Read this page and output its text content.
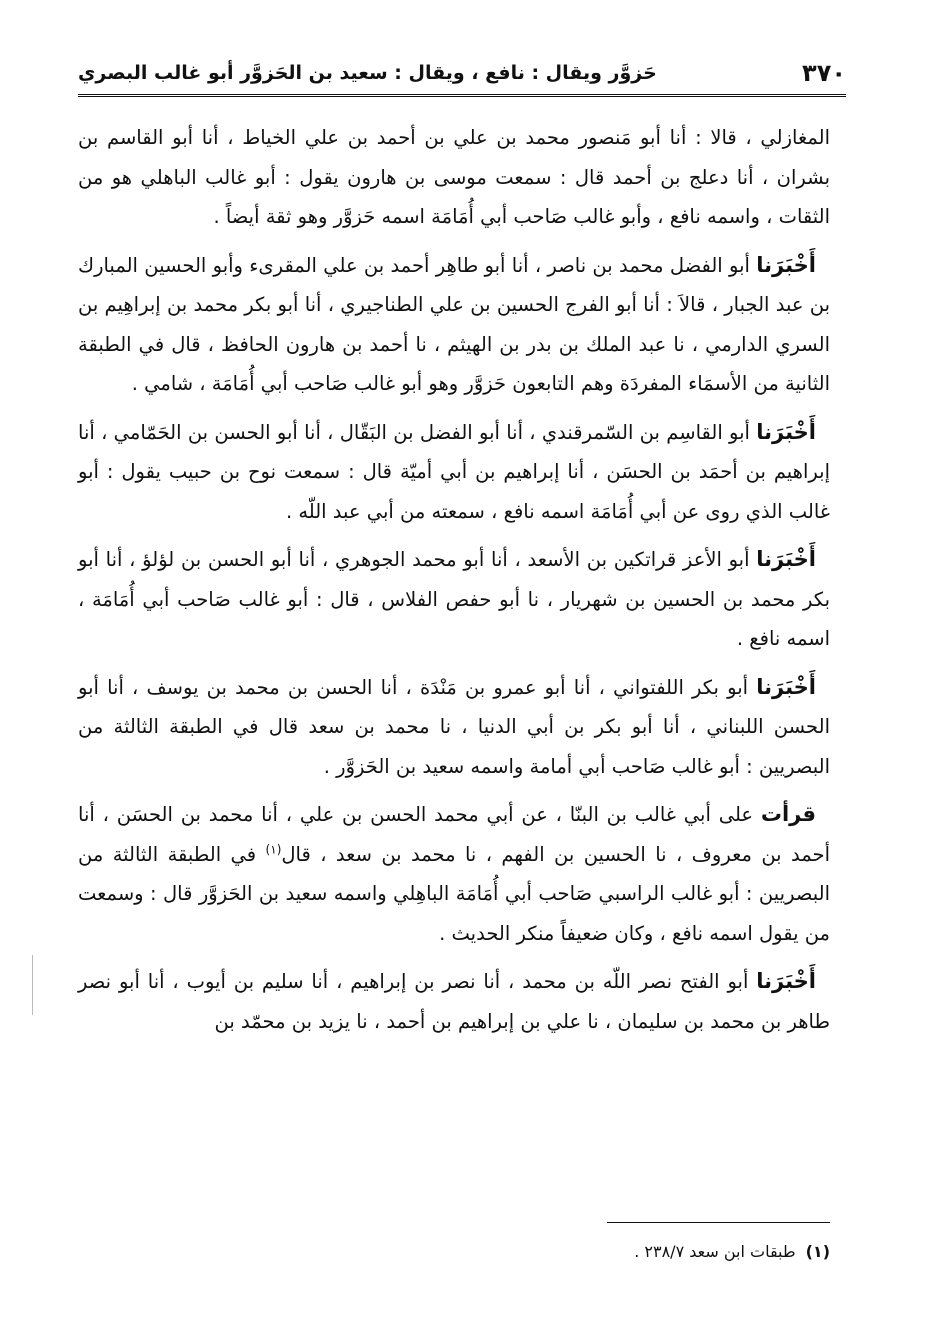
٣٧٠
حَزوَّر ويقال : نافع ، ويقال : سعيد بن الحَزوَّر أبو غالب البصري

المغازلي ، قالا : أنا أبو مَنصور محمد بن علي بن أحمد بن علي الخياط ، أنا أبو القاسم بن بشران ، أنا دعلج بن أحمد قال : سمعت موسى بن هارون يقول : أبو غالب الباهلي هو من الثقات ، واسمه نافع ، وأبو غالب صَاحب أبي أُمَامَة اسمه حَزوَّر وهو ثقة أيضاً .

أَخْبَرَنا أبو الفضل محمد بن ناصر ، أنا أبو طاهِر أحمد بن علي المقرىء وأبو الحسين المبارك بن عبد الجبار ، قالاَ : أنا أبو الفرج الحسين بن علي الطناجيري ، أنا أبو بكر محمد بن إبراهِيم بن السري الدارمي ، نا عبد الملك بن بدر بن الهيثم ، نا أحمد بن هارون الحافظ ، قال في الطبقة الثانية من الأسمَاء المفردَة وهم التابعون حَزوَّر وهو أبو غالب صَاحب أبي أُمَامَة ، شامي .

أَخْبَرَنا أبو القاسِم بن السّمرقندي ، أنا أبو الفضل بن البَقّال ، أنا أبو الحسن بن الحَمّامي ، أنا إبراهيم بن أحمَد بن الحسَن ، أنا إبراهيم بن أبي أميّة قال : سمعت نوح بن حبيب يقول : أبو غالب الذي روى عن أبي أُمَامَة اسمه نافع ، سمعته من أبي عبد اللّه .

أَخْبَرَنا أبو الأعز قراتكين بن الأسعد ، أنا أبو محمد الجوهري ، أنا أبو الحسن بن لؤلؤ ، أنا أبو بكر محمد بن الحسين بن شهريار ، نا أبو حفص الفلاس ، قال : أبو غالب صَاحب أبي أُمَامَة ، اسمه نافع .

أَخْبَرَنا أبو بكر اللفتواني ، أنا أبو عمرو بن مَنْدَة ، أنا الحسن بن محمد بن يوسف ، أنا أبو الحسن اللبناني ، أنا أبو بكر بن أبي الدنيا ، نا محمد بن سعد قال في الطبقة الثالثة من البصريين : أبو غالب صَاحب أبي أمامة واسمه سعيد بن الحَزوَّر .

قرأت على أبي غالب بن البنّا ، عن أبي محمد الحسن بن علي ، أنا محمد بن الحسَن ، أنا أحمد بن معروف ، نا الحسين بن الفهم ، نا محمد بن سعد ، قال$^{(١)}$ في الطبقة الثالثة من البصريين : أبو غالب الراسبي صَاحب أبي أُمَامَة الباهِلي واسمه سعيد بن الحَزوَّر قال : وسمعت من يقول اسمه نافع ، وكان ضعيفاً منكر الحديث .

أَخْبَرَنا أبو الفتح نصر اللّه بن محمد ، أنا نصر بن إبراهيم ، أنا سليم بن أيوب ، أنا أبو نصر طاهر بن محمد بن سليمان ، نا علي بن إبراهيم بن أحمد ، نا يزيد بن محمّد بن

(١)طبقات ابن سعد ٢٣٨/٧ .
